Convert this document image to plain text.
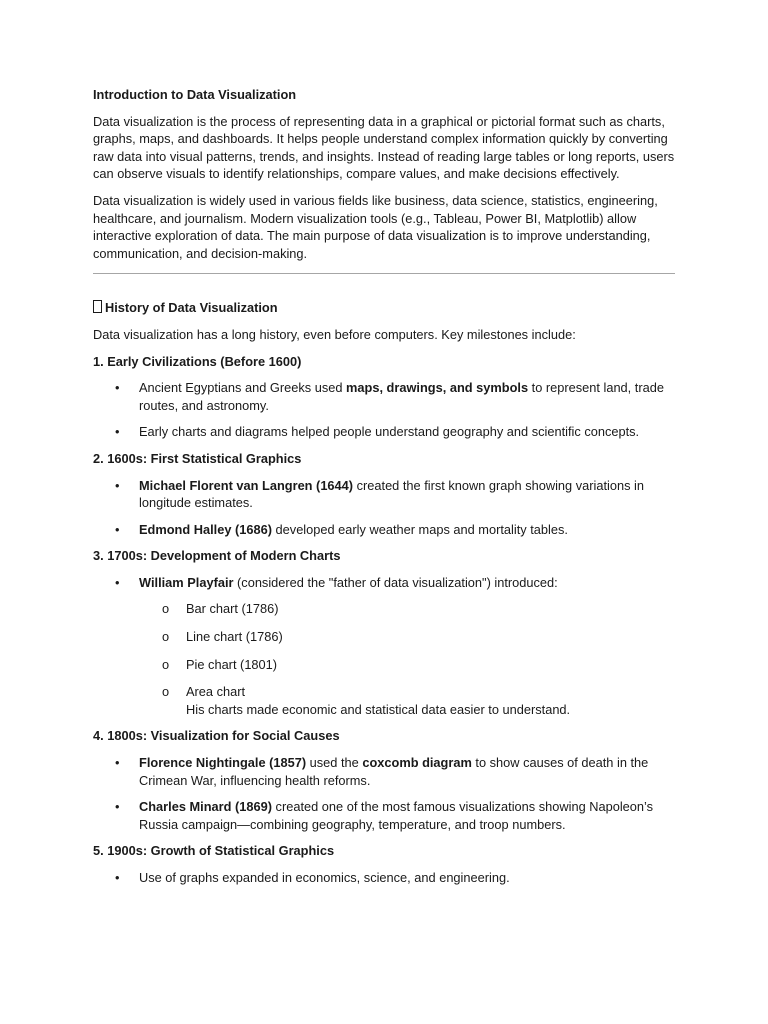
Introduction to Data Visualization

Data visualization is the process of representing data in a graphical or pictorial format such as charts, graphs, maps, and dashboards. It helps people understand complex information quickly by converting raw data into visual patterns, trends, and insights. Instead of reading large tables or long reports, users can observe visuals to identify relationships, compare values, and make decisions effectively.

Data visualization is widely used in various fields like business, data science, statistics, engineering, healthcare, and journalism. Modern visualization tools (e.g., Tableau, Power BI, Matplotlib) allow interactive exploration of data. The main purpose of data visualization is to improve understanding, communication, and decision-making.

History of Data Visualization

Data visualization has a long history, even before computers. Key milestones include:

1. Early Civilizations (Before 1600)

• Ancient Egyptians and Greeks used maps, drawings, and symbols to represent land, trade routes, and astronomy.
• Early charts and diagrams helped people understand geography and scientific concepts.

2. 1600s: First Statistical Graphics

• Michael Florent van Langren (1644) created the first known graph showing variations in longitude estimates.
• Edmond Halley (1686) developed early weather maps and mortality tables.

3. 1700s: Development of Modern Charts

• William Playfair (considered the "father of data visualization") introduced:
o Bar chart (1786)
o Line chart (1786)
o Pie chart (1801)
o Area chart
His charts made economic and statistical data easier to understand.

4. 1800s: Visualization for Social Causes

• Florence Nightingale (1857) used the coxcomb diagram to show causes of death in the Crimean War, influencing health reforms.
• Charles Minard (1869) created one of the most famous visualizations showing Napoleon’s Russia campaign—combining geography, temperature, and troop numbers.

5. 1900s: Growth of Statistical Graphics

• Use of graphs expanded in economics, science, and engineering.
